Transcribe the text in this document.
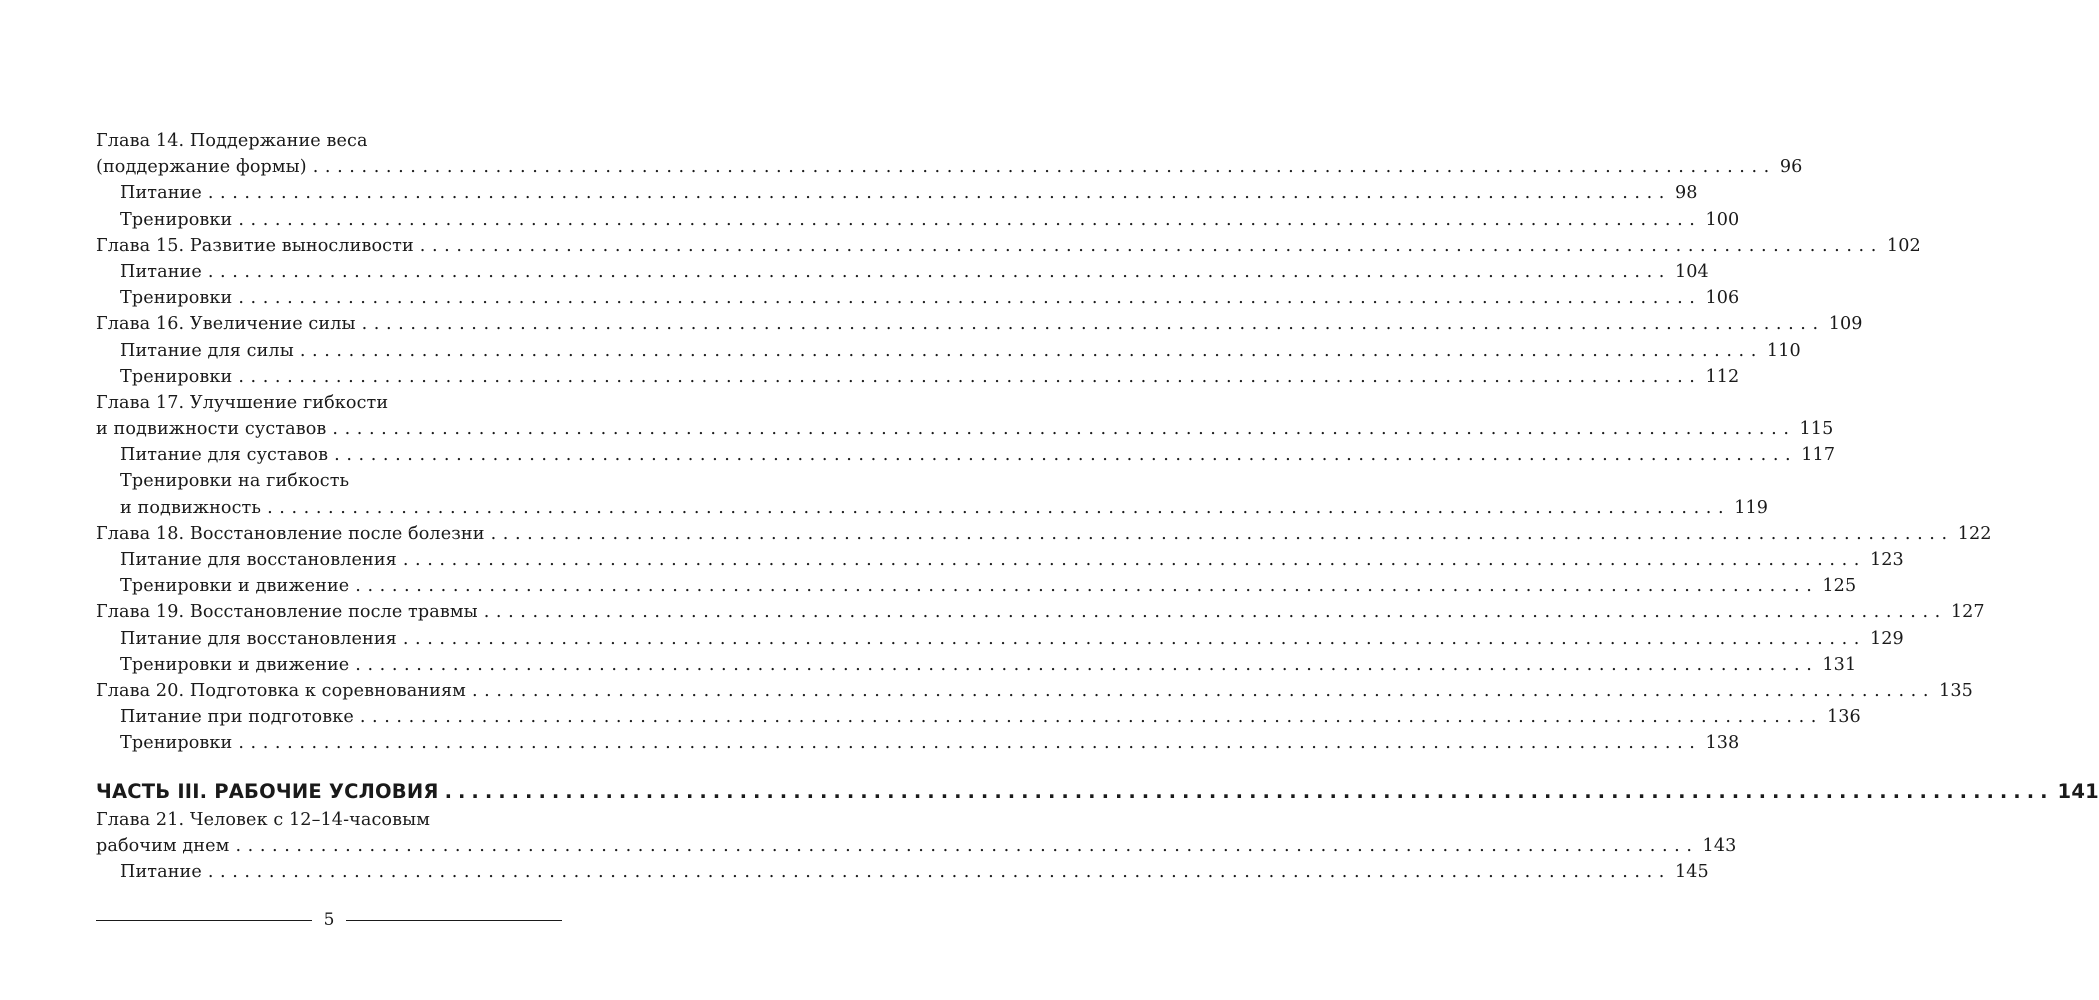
Глава 14. Поддержание веса
(поддержание формы) ........................................................................................................................ 96
Питание ........................................................................................................................ 98
Тренировки ........................................................................................................................ 100
Глава 15. Развитие выносливости ........................................................................................................................ 102
Питание ........................................................................................................................ 104
Тренировки ........................................................................................................................ 106
Глава 16. Увеличение силы ........................................................................................................................ 109
Питание для силы ........................................................................................................................ 110
Тренировки ........................................................................................................................ 112
Глава 17. Улучшение гибкости
и подвижности суставов ........................................................................................................................ 115
Питание для суставов ........................................................................................................................ 117
Тренировки на гибкость
и подвижность ........................................................................................................................ 119
Глава 18. Восстановление после болезни ........................................................................................................................ 122
Питание для восстановления ........................................................................................................................ 123
Тренировки и движение ........................................................................................................................ 125
Глава 19. Восстановление после травмы ........................................................................................................................ 127
Питание для восстановления ........................................................................................................................ 129
Тренировки и движение ........................................................................................................................ 131
Глава 20. Подготовка к соревнованиям ........................................................................................................................ 135
Питание при подготовке ........................................................................................................................ 136
Тренировки ........................................................................................................................ 138
ЧАСТЬ III. РАБОЧИЕ УСЛОВИЯ ........................................................................................................................ 141
Глава 21. Человек с 12–14-часовым
рабочим днем ........................................................................................................................ 143
Питание ........................................................................................................................ 145
5
